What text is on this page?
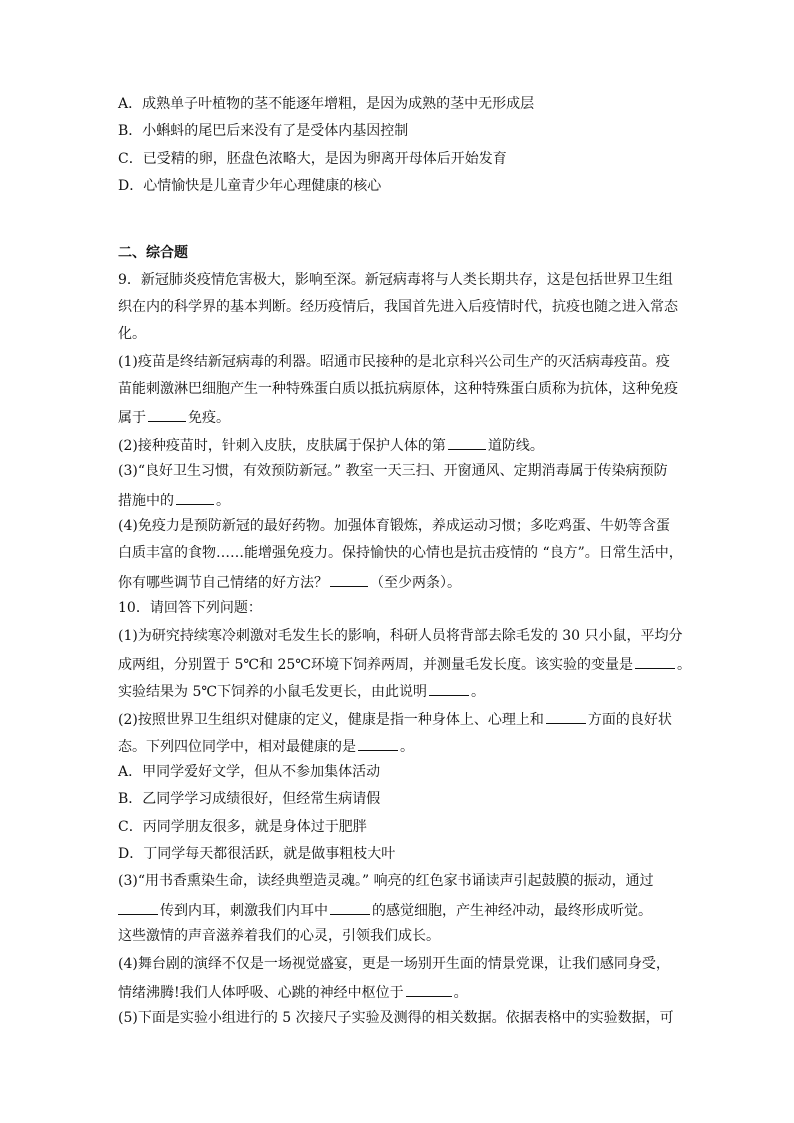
A．成熟单子叶植物的茎不能逐年增粗，是因为成熟的茎中无形成层
B．小蝌蚪的尾巴后来没有了是受体内基因控制
C．已受精的卵，胚盘色浓略大，是因为卵离开母体后开始发育
D．心情愉快是儿童青少年心理健康的核心
二、综合题
9．新冠肺炎疫情危害极大，影响至深。新冠病毒将与人类长期共存，这是包括世界卫生组
织在内的科学界的基本判断。经历疫情后，我国首先进入后疫情时代，抗疫也随之进入常态
化。
(1)疫苗是终结新冠病毒的利器。昭通市民接种的是北京科兴公司生产的灭活病毒疫苗。疫
苗能刺激淋巴细胞产生一种特殊蛋白质以抵抗病原体，这种特殊蛋白质称为抗体，这种免疫
属于	免疫。
(2)接种疫苗时，针刺入皮肤，皮肤属于保护人体的第	道防线。
(3)“良好卫生习惯，有效预防新冠。” 教室一天三扫、开窗通风、定期消毒属于传染病预防
措施中的	。
(4)免疫力是预防新冠的最好药物。加强体育锻炼，养成运动习惯；多吃鸡蛋、牛奶等含蛋
白质丰富的食物……能增强免疫力。保持愉快的心情也是抗击疫情的 “良方”。日常生活中，
你有哪些调节自己情绪的好方法？	（至少两条）。
10．请回答下列问题：
(1)为研究持续寒冷刺激对毛发生长的影响，科研人员将背部去除毛发的 30 只小鼠，平均分
成两组，分别置于 5℃和 25℃环境下饲养两周，并测量毛发长度。该实验的变量是	。
实验结果为 5℃下饲养的小鼠毛发更长，由此说明	。
(2)按照世界卫生组织对健康的定义，健康是指一种身体上、心理上和	方面的良好状
态。下列四位同学中，相对最健康的是	。
A．甲同学爱好文学，但从不参加集体活动
B．乙同学学习成绩很好，但经常生病请假
C．丙同学朋友很多，就是身体过于肥胖
D．丁同学每天都很活跃，就是做事粗枝大叶
(3)“用书香熏染生命，读经典塑造灵魂。” 响亮的红色家书诵读声引起鼓膜的振动，通过
传到内耳，刺激我们内耳中	的感觉细胞，产生神经冲动，最终形成听觉。
这些激情的声音滋养着我们的心灵，引领我们成长。
(4)舞台剧的演绎不仅是一场视觉盛宴，更是一场别开生面的情景党课，让我们感同身受，
情绪沸腾!我们人体呼吸、心跳的神经中枢位于	。
(5)下面是实验小组进行的 5 次接尺子实验及测得的相关数据。依据表格中的实验数据，可
